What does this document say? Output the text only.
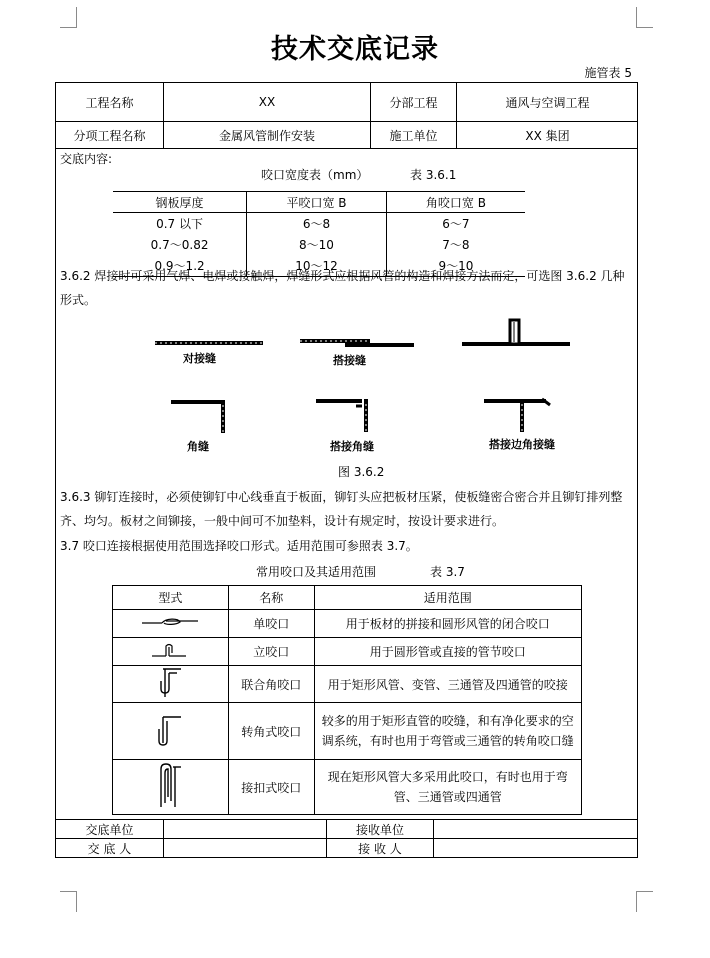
技术交底记录
施管表 5
工程名称	XX	分部工程	通风与空调工程
分项工程名称	金属风管制作安装	施工单位	XX 集团
交底单位	接收单位
交 底 人	接 收 人
交底内容:
咬口宽度表（mm）	表 3.6.1
钢板厚度	平咬口宽 B	角咬口宽 B
0.7 以下	6～8	6～7
0.7～0.82	8～10	7～8
0.9～1.2	10～12	9～10
3.6.2 焊接时可采用气焊、电焊或接触焊，焊缝形式应根据风管的构造和焊接方法而定，可选图 3.6.2 几种形式。
对接缝	搭接缝
角缝	搭接角缝	搭接边角接缝
图 3.6.2
3.6.3 铆钉连接时，必须使铆钉中心线垂直于板面，铆钉头应把板材压紧，使板缝密合密合并且铆钉排列整齐、均匀。板材之间铆接，一般中间可不加垫料，设计有规定时，按设计要求进行。
3.7 咬口连接根据使用范围选择咬口形式。适用范围可参照表 3.7。
常用咬口及其适用范围	表 3.7
型式	名称	适用范围
	单咬口	用于板材的拼接和圆形风管的闭合咬口
	立咬口	用于圆形管或直接的管节咬口
	联合角咬口	用于矩形风管、变管、三通管及四通管的咬接
	转角式咬口	较多的用于矩形直管的咬缝，和有净化要求的空调系统，有时也用于弯管或三通管的转角咬口缝
	接扣式咬口	现在矩形风管大多采用此咬口，有时也用于弯管、三通管或四通管
